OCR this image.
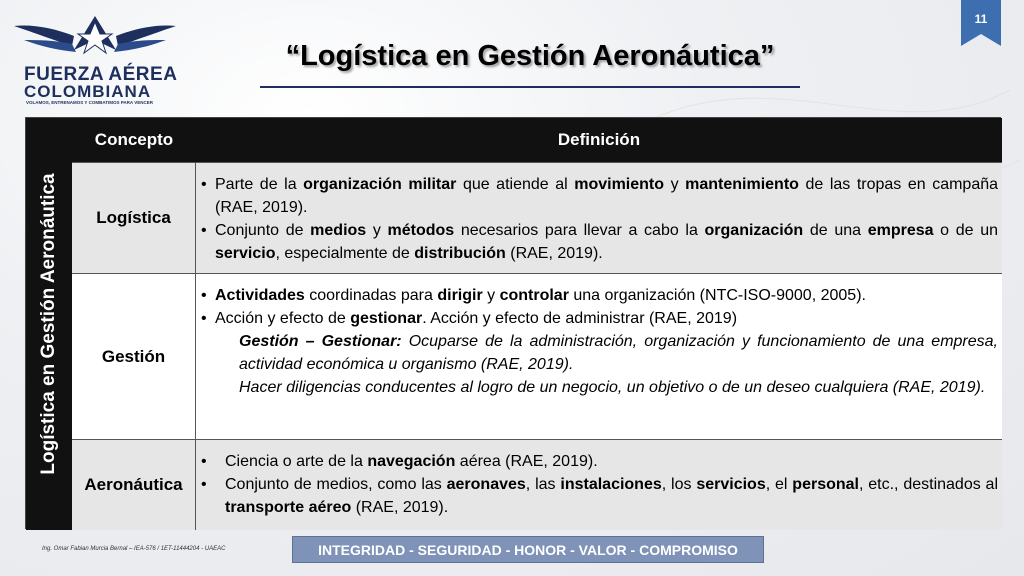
FUERZA AÉREA
COLOMBIANA
VOLAMOS, ENTRENAMOS Y COMBATIMOS PARA VENCER
“Logística en Gestión Aeronáutica”
11
Logística en Gestión Aeronáutica
Concepto	Definición
Logística
• Parte de la organización militar que atiende al movimiento y mantenimiento de las tropas en campaña (RAE, 2019).
• Conjunto de medios y métodos necesarios para llevar a cabo la organización de una empresa o de un servicio, especialmente de distribución (RAE, 2019).
Gestión
• Actividades coordinadas para dirigir y controlar una organización (NTC-ISO-9000, 2005).
• Acción y efecto de gestionar. Acción y efecto de administrar (RAE, 2019)
Gestión – Gestionar: Ocuparse de la administración, organización y funcionamiento de una empresa, actividad económica u organismo (RAE, 2019).
Hacer diligencias conducentes al logro de un negocio, un objetivo o de un deseo cualquiera (RAE, 2019).
Aeronáutica
• Ciencia o arte de la navegación aérea (RAE, 2019).
• Conjunto de medios, como las aeronaves, las instalaciones, los servicios, el personal, etc., destinados al transporte aéreo (RAE, 2019).
Ing. Omar Fabian Murcia Bernal – IEA-576 / 1ET-11444204 - UAEAC	INTEGRIDAD - SEGURIDAD - HONOR - VALOR - COMPROMISO
